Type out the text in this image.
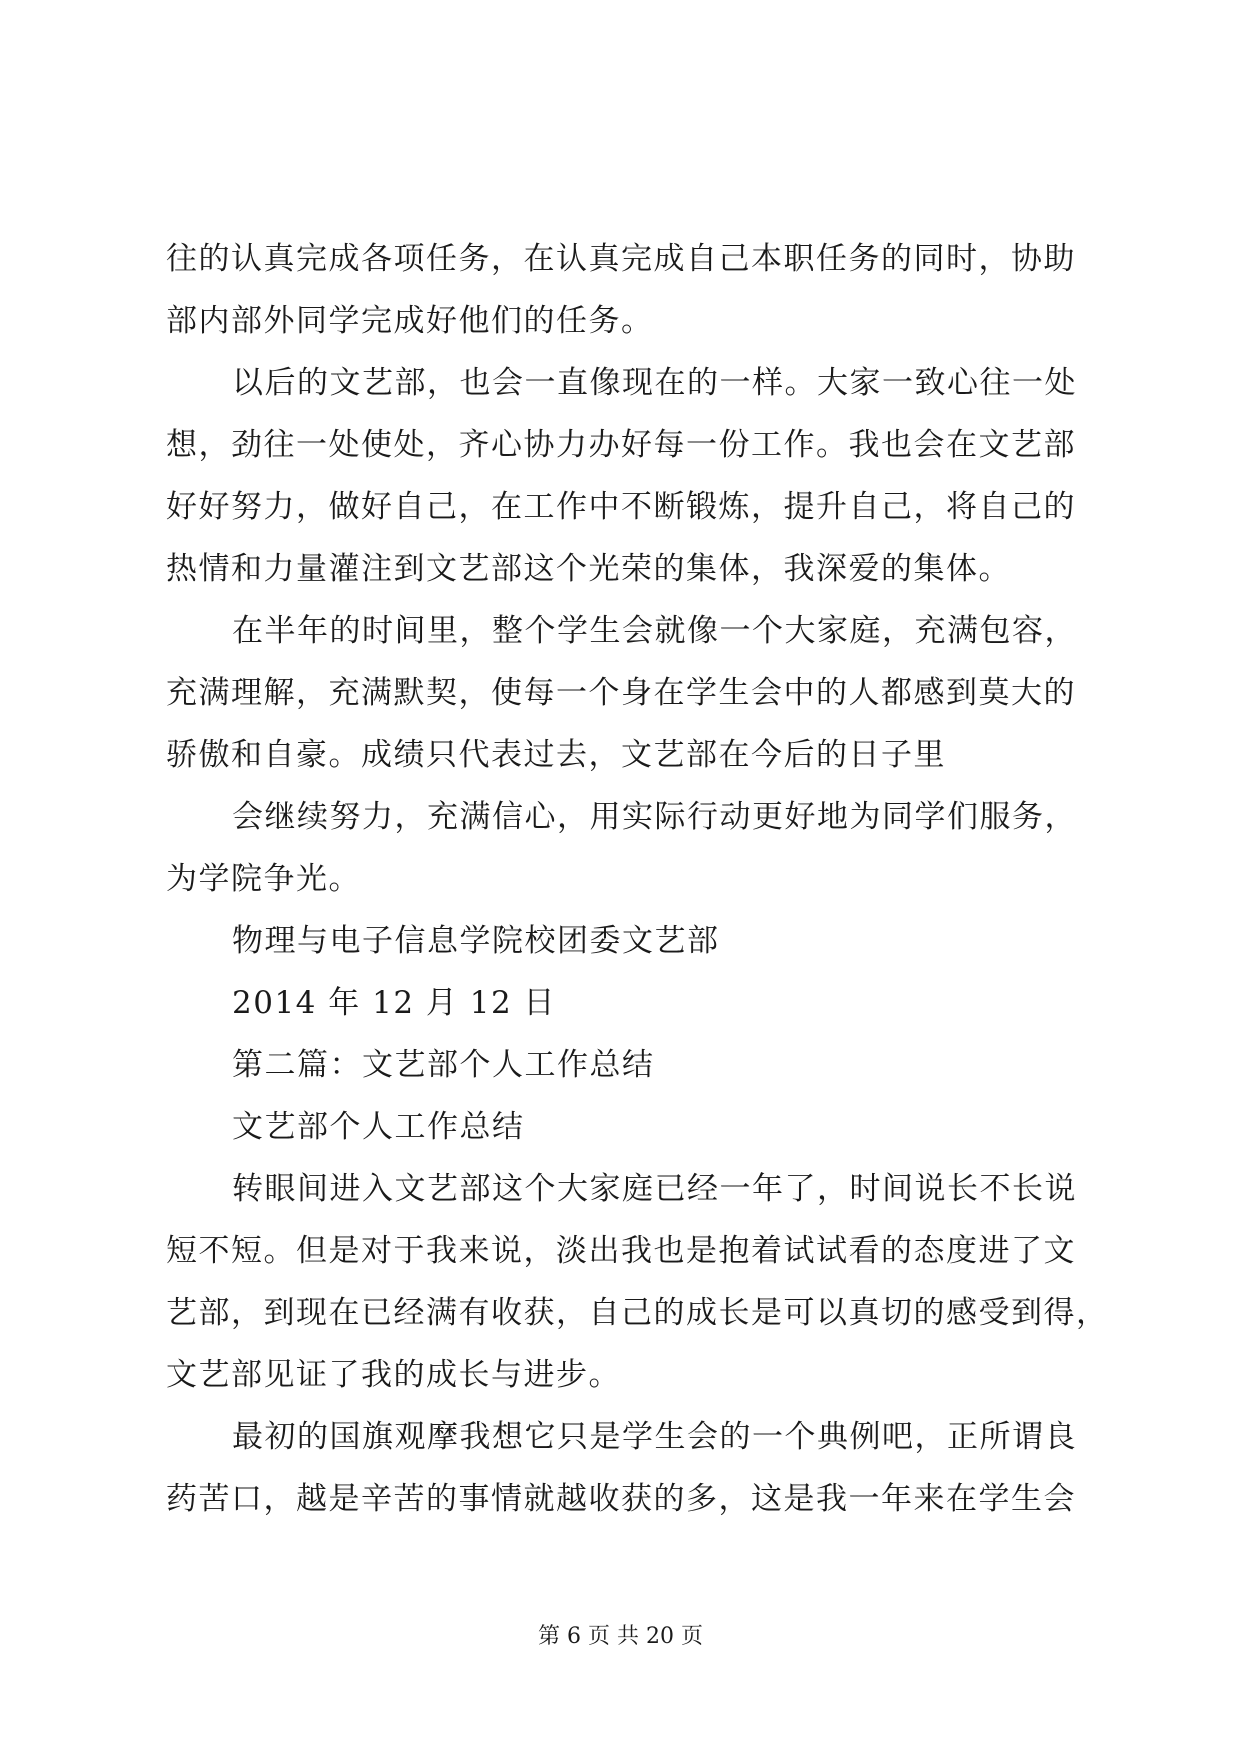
往的认真完成各项任务，在认真完成自己本职任务的同时，协助
部内部外同学完成好他们的任务。
以后的文艺部，也会一直像现在的一样。大家一致心往一处
想，劲往一处使处，齐心协力办好每一份工作。我也会在文艺部
好好努力，做好自己，在工作中不断锻炼，提升自己，将自己的
热情和力量灌注到文艺部这个光荣的集体，我深爱的集体。
在半年的时间里，整个学生会就像一个大家庭，充满包容，
充满理解，充满默契，使每一个身在学生会中的人都感到莫大的
骄傲和自豪。成绩只代表过去，文艺部在今后的日子里
会继续努力，充满信心，用实际行动更好地为同学们服务，
为学院争光。
物理与电子信息学院校团委文艺部
2014 年 12 月 12 日
第二篇：文艺部个人工作总结
文艺部个人工作总结
转眼间进入文艺部这个大家庭已经一年了，时间说长不长说
短不短。但是对于我来说，淡出我也是抱着试试看的态度进了文
艺部，到现在已经满有收获，自己的成长是可以真切的感受到得，
文艺部见证了我的成长与进步。
最初的国旗观摩我想它只是学生会的一个典例吧，正所谓良
药苦口，越是辛苦的事情就越收获的多，这是我一年来在学生会
第 6 页 共 20 页
